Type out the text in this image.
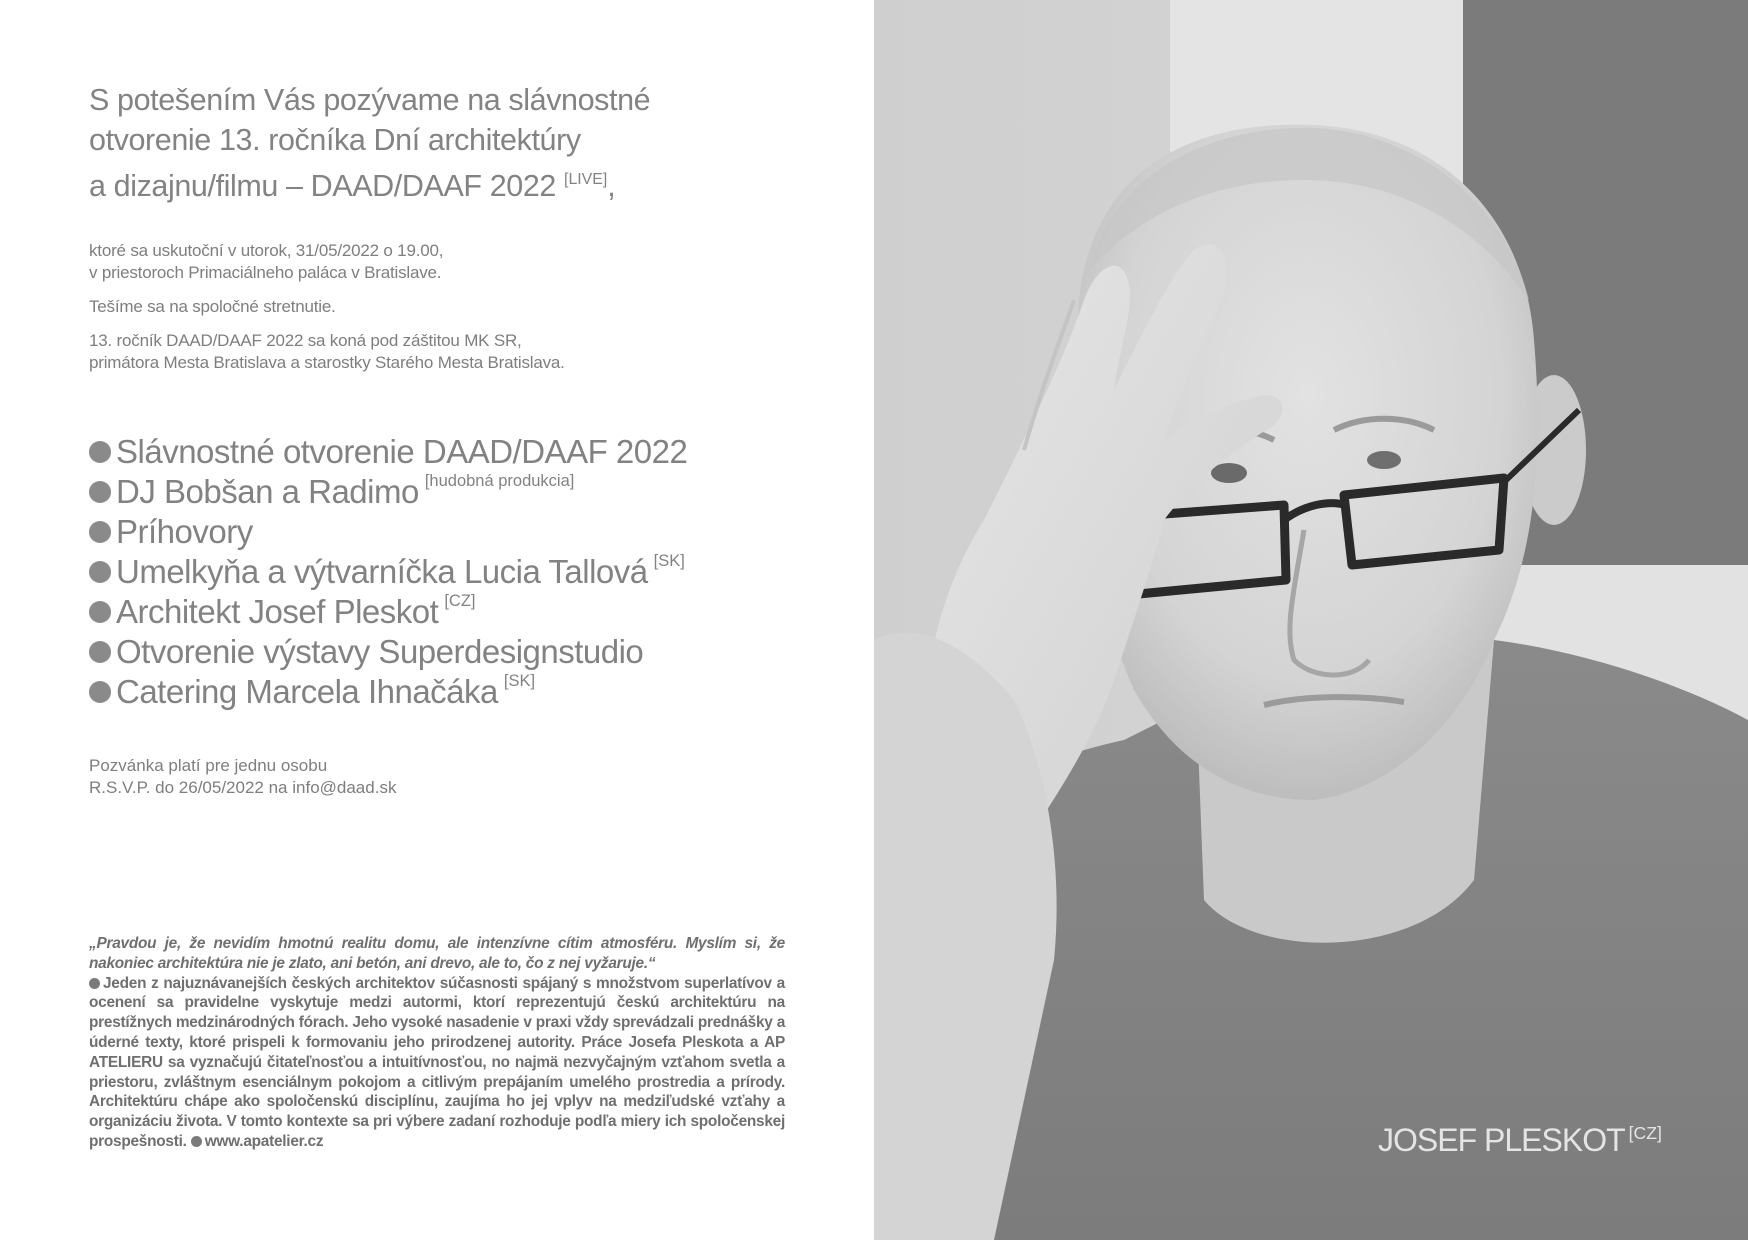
S potešením Vás pozývame na slávnostné
otvorenie 13. ročníka Dní architektúry
a dizajnu/filmu – DAAD/DAAF 2022 [LIVE],

ktoré sa uskutoční v utorok, 31/05/2022 o 19.00,
v priestoroch Primaciálneho paláca v Bratislave.

Tešíme sa na spoločné stretnutie.

13. ročník DAAD/DAAF 2022 sa koná pod záštitou MK SR,
primátora Mesta Bratislava a starostky Starého Mesta Bratislava.

Slávnostné otvorenie DAAD/DAAF 2022
DJ Bobšan a Radimo [hudobná produkcia]
Príhovory
Umelkyňa a výtvarníčka Lucia Tallová [SK]
Architekt Josef Pleskot [CZ]
Otvorenie výstavy Superdesignstudio
Catering Marcela Ihnačáka [SK]
Pozvánka platí pre jednu osobu
R.S.V.P. do 26/05/2022 na info@daad.sk
„Pravdou je, že nevidím hmotnú realitu domu, ale intenzívne cítim atmosféru. Myslím si, že nakoniec architektúra nie je zlato, ani betón, ani drevo, ale to, čo z nej vyžaruje.“
Jeden z najuznávanejších českých architektov súčasnosti spájaný s množstvom superlatívov a ocenení sa pravidelne vyskytuje medzi autormi, ktorí reprezentujú českú architektúru na prestížnych medzinárodných fórach. Jeho vysoké nasadenie v praxi vždy sprevádzali prednášky a úderné texty, ktoré prispeli k formovaniu jeho prirodzenej autority. Práce Josefa Pleskota a AP ATELIERU sa vyznačujú čitateľnosťou a intuitívnosťou, no najmä nezvyčajným vzťahom svetla a priestoru, zvláštnym esenciálnym pokojom a citlivým prepájaním umelého prostredia a prírody. Architektúru chápe ako spoločenskú disciplínu, zaujíma ho jej vplyv na medziľudské vzťahy a organizáciu života. V tomto kontexte sa pri výbere zadaní rozhoduje podľa miery ich spoločenskej prospešnosti. www.apatelier.cz	JOSEF PLESKOT [CZ]
